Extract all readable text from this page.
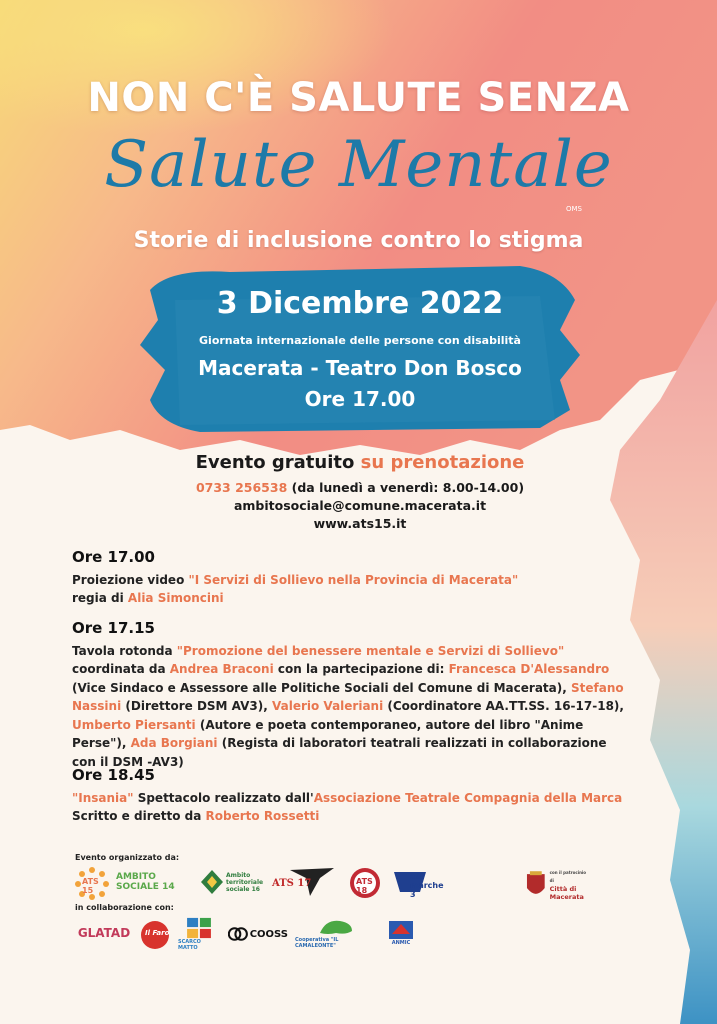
NON C'È SALUTE SENZA
Salute Mentale
OMS
Storie di inclusione contro lo stigma
3 Dicembre 2022
Giornata internazionale delle persone con disabilità
Macerata - Teatro Don Bosco
Ore 17.00
Evento gratuito su prenotazione
0733 256538 (da lunedì a venerdì: 8.00-14.00)
ambitosociale@comune.macerata.it
www.ats15.it
Ore 17.00

Proiezione video "I Servizi di Sollievo nella Provincia di Macerata"

regia di Alia Simoncini

Ore 17.15

Tavola rotonda "Promozione del benessere mentale e Servizi di Sollievo" coordinata da Andrea Braconi con la partecipazione di: Francesca D'Alessandro (Vice Sindaco e Assessore alle Politiche Sociali del Comune di Macerata), Stefano Nassini (Direttore DSM AV3), Valerio Valeriani (Coordinatore AA.TT.SS. 16-17-18), Umberto Piersanti (Autore e poeta contemporaneo, autore del libro "Anime Perse"), Ada Borgiani (Regista di laboratori teatrali realizzati in collaborazione con il DSM -AV3)

Ore 18.45

"Insania" Spettacolo realizzato dall'Associazione Teatrale Compagnia della Marca

Scritto e diretto da Roberto Rossetti

Evento organizzato da:
ATS 15
AMBITO SOCIALE 14
Ambito territoriale sociale 16 ATS 17	ATS 18
ast marche 3
con il patrocinio di
Città di Macerata
in collaborazione con:
GLATAD Il Faro
SCARCO MATTO
COOSS
Cooperativa "IL CAMALEONTE"	ANMIC
